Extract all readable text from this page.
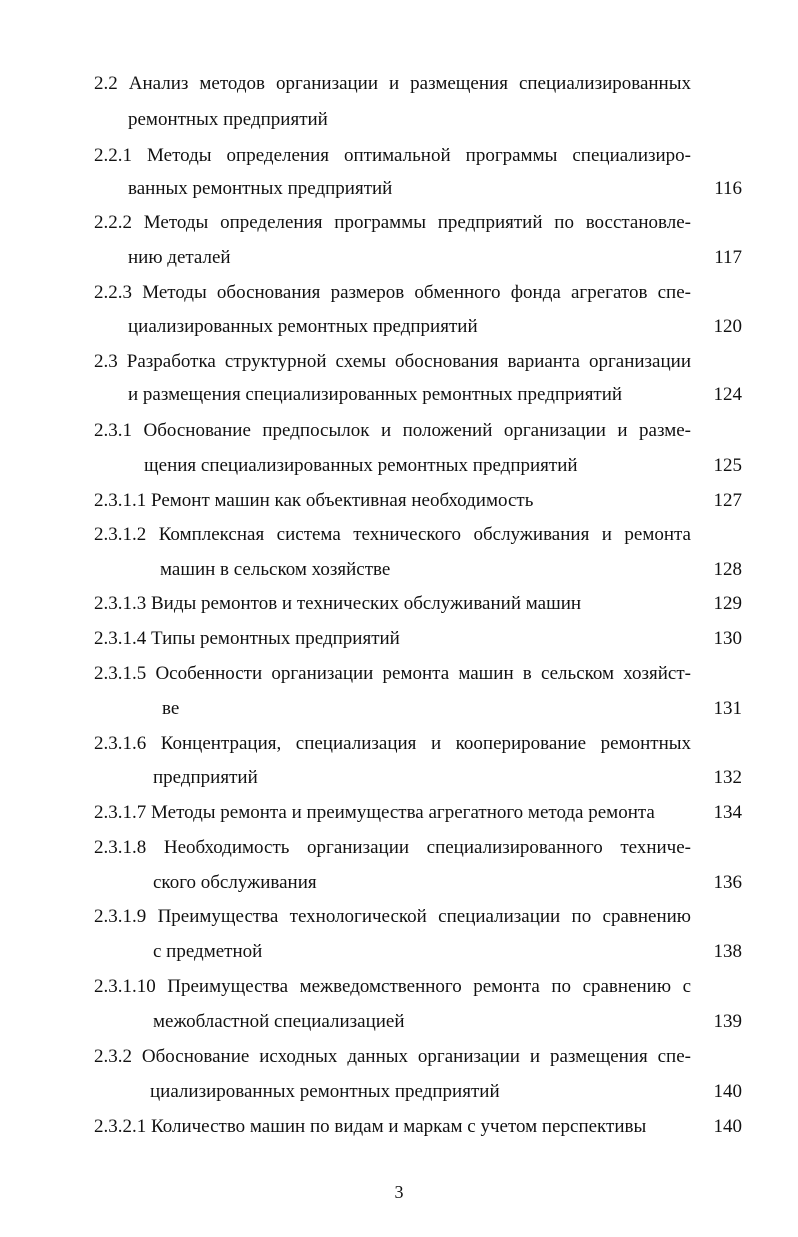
2.2 Анализ методов организации и размещения специализированных
ремонтных предприятий
2.2.1 Методы определения оптимальной программы специализиро-
ванных ремонтных предприятий	116
2.2.2 Методы определения программы предприятий по восстановле-
нию деталей	117
2.2.3 Методы обоснования размеров обменного фонда агрегатов спе-
циализированных ремонтных предприятий	120
2.3 Разработка структурной схемы обоснования варианта организации
и размещения специализированных ремонтных предприятий	124
2.3.1 Обоснование предпосылок и положений организации и разме-
щения специализированных ремонтных предприятий	125
2.3.1.1 Ремонт машин как объективная необходимость	127
2.3.1.2 Комплексная система технического обслуживания и ремонта
машин в сельском хозяйстве	128
2.3.1.3 Виды ремонтов и технических обслуживаний машин	129
2.3.1.4 Типы ремонтных предприятий	130
2.3.1.5 Особенности организации ремонта машин в сельском хозяйст-
ве	131
2.3.1.6 Концентрация, специализация и кооперирование ремонтных
предприятий	132
2.3.1.7 Методы ремонта и преимущества агрегатного метода ремонта	134
2.3.1.8 Необходимость организации специализированного техниче-
ского обслуживания	136
2.3.1.9 Преимущества технологической специализации по сравнению
с предметной	138
2.3.1.10 Преимущества межведомственного ремонта по сравнению с
межобластной специализацией	139
2.3.2 Обоснование исходных данных организации и размещения спе-
циализированных ремонтных предприятий	140
2.3.2.1 Количество машин по видам и маркам с учетом перспективы	140
3
